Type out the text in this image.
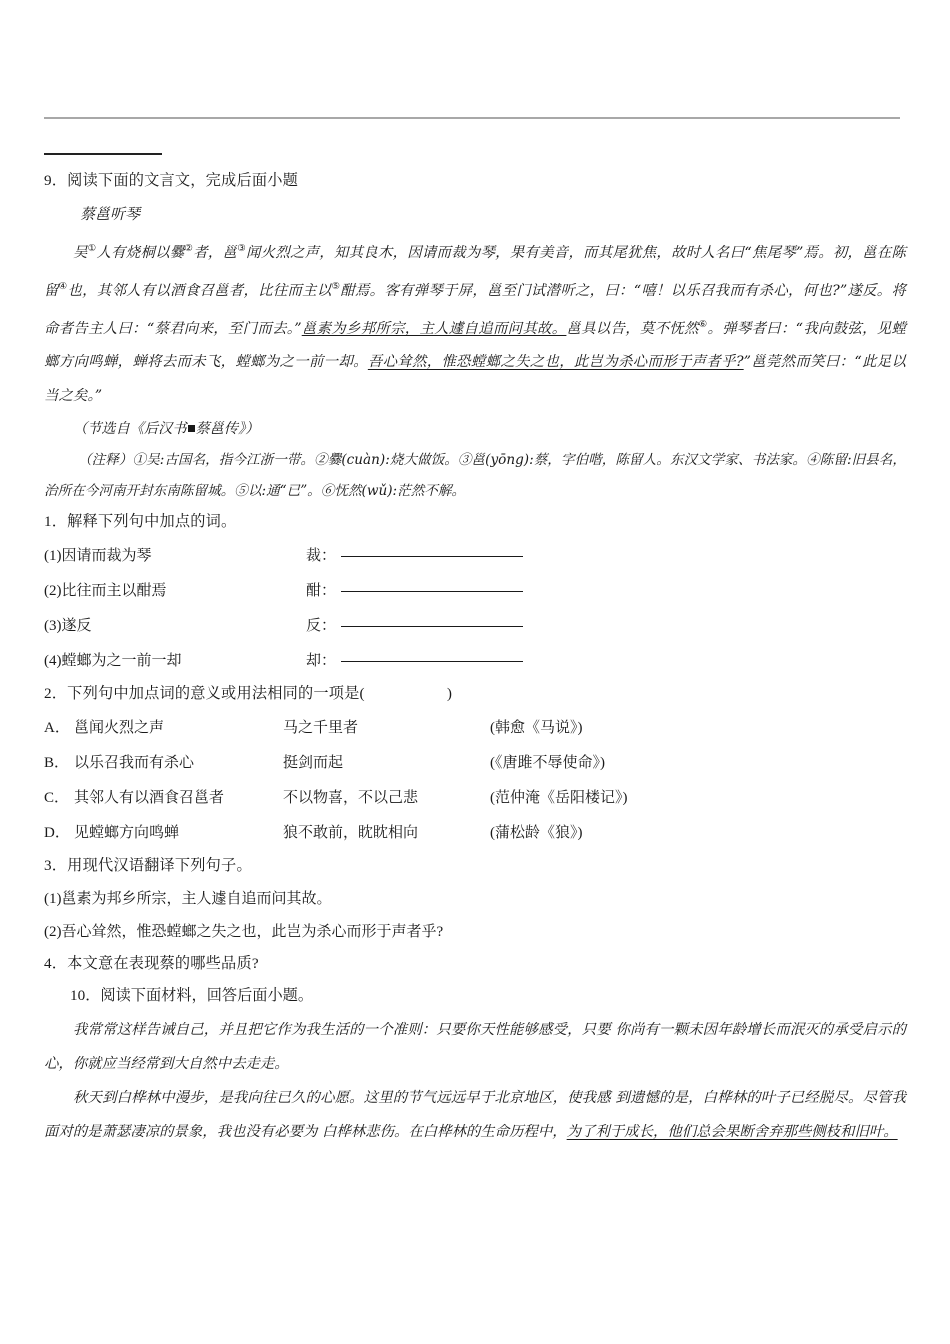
9．阅读下面的文言文，完成后面小题

蔡邕听琴

吴①人有烧桐以爨②者，邕③闻火烈之声，知其良木，因请而裁为琴，果有美音，而其尾犹焦，故时人名曰“焦尾琴”焉。初，邕在陈留④也，其邻人有以酒食召邕者，比往而主以⑤酣焉。客有弹琴于屏，邕至门试潜听之，曰：“嘻！以乐召我而有杀心，何也?”遂反。将命者告主人曰：“蔡君向来，至门而去。”邕素为乡邦所宗，主人遽自追而问其故。邕具以告，莫不怃然⑥。弹琴者曰：“我向鼓弦，见螳螂方向鸣蝉，蝉将去而未飞，螳螂为之一前一却。吾心耸然，惟恐螳螂之失之也，此岂为杀心而形于声者乎?”邕莞然而笑曰：“此足以当之矣。”

（节选自《后汉书 蔡邕传》）

（注释）①吴:古国名，指今江浙一带。②爨(cuàn):烧大做饭。③邕(yōng):蔡，字伯喈，陈留人。东汉文学家、书法家。④陈留:旧县名，治所在今河南开封东南陈留城。⑤以:通“已”。⑥怃然(wǔ):茫然不解。

1．解释下列句中加点的词。

(1)因请而裁为琴	裁：
(2)比往而主以酣焉	酣：
(3)遂反	反：
(4)螳螂为之一前一却	却：

2．下列句中加点词的意义或用法相同的一项是(	)

A． 邕闻火烈之声	马之千里者	(韩愈《马说》)
B． 以乐召我而有杀心	挺剑而起	(《唐雎不辱使命》)
C． 其邻人有以酒食召邕者	不以物喜，不以己悲	(范仲淹《岳阳楼记》)
D． 见螳螂方向鸣蝉	狼不敢前，眈眈相向	(蒲松龄《狼》)

3．用现代汉语翻译下列句子。

(1)邕素为邦乡所宗，主人遽自追而问其故。

(2)吾心耸然，惟恐螳螂之失之也，此岂为杀心而形于声者乎?

4．本文意在表现蔡的哪些品质?

10．阅读下面材料，回答后面小题。

我常常这样告诫自己，并且把它作为我生活的一个准则：只要你天性能够感受，只要 你尚有一颗未因年龄增长而泯灭的承受启示的心，你就应当经常到大自然中去走走。

秋天到白桦林中漫步，是我向往已久的心愿。这里的节气远远早于北京地区，使我感 到遗憾的是，白桦林的叶子已经脱尽。尽管我面对的是萧瑟凄凉的景象，我也没有必要为 白桦林悲伤。在白桦林的生命历程中，为了利于成长，他们总会果断舍弃那些侧枝和旧叶。
